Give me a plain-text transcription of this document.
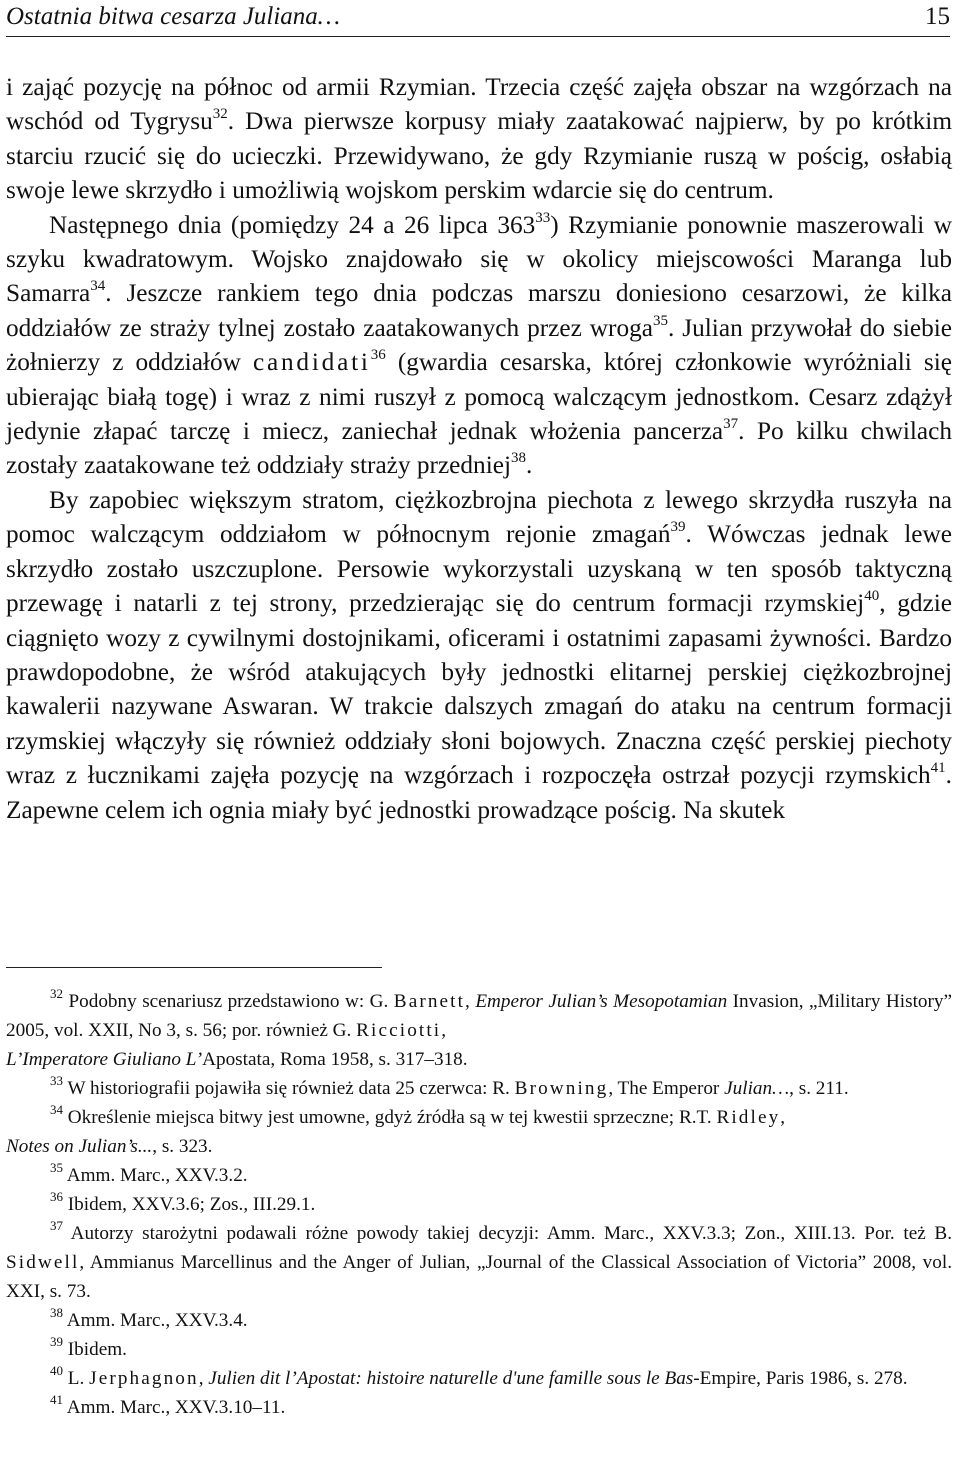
Ostatnia bitwa cesarza Juliana…	15

i zająć pozycję na północ od armii Rzymian. Trzecia część zajęła obszar na wzgórzach na wschód od Tygrysu$^{32}$. Dwa pierwsze korpusy miały zaatakować najpierw, by po krótkim starciu rzucić się do ucieczki. Przewidywano, że gdy Rzymianie ruszą w pościg, osłabią swoje lewe skrzydło i umożliwią wojskom perskim wdarcie się do centrum.

Następnego dnia (pomiędzy 24 a 26 lipca $363^{33}$) Rzymianie ponownie maszerowali w szyku kwadratowym. Wojsko znajdowało się w okolicy miejscowości Maranga lub Samarra$^{34}$. Jeszcze rankiem tego dnia podczas marszu doniesiono cesarzowi, że kilka oddziałów ze straży tylnej zostało zaatakowanych przez wroga$^{35}$. Julian przywołał do siebie żołnierzy z oddziałów candidati$^{36}$ (gwardia cesarska, której członkowie wyróżniali się ubierając białą togę) i wraz z nimi ruszył z pomocą walczącym jednostkom. Cesarz zdążył jedynie złapać tarczę i miecz, zaniechał jednak włożenia pancerza$^{37}$. Po kilku chwilach zostały zaatakowane też oddziały straży przedniej$^{38}$.

By zapobiec większym stratom, ciężkozbrojna piechota z lewego skrzydła ruszyła na pomoc walczącym oddziałom w północnym rejonie zmagań$^{39}$. Wówczas jednak lewe skrzydło zostało uszczuplone. Persowie wykorzystali uzyskaną w ten sposób taktyczną przewagę i natarli z tej strony, przedzierając się do centrum formacji rzymskiej$^{40}$, gdzie ciągnięto wozy z cywilnymi dostojnikami, oficerami i ostatnimi zapasami żywności. Bardzo prawdopodobne, że wśród atakujących były jednostki elitarnej perskiej ciężkozbrojnej kawalerii nazywane Aswaran. W trakcie dalszych zmagań do ataku na centrum formacji rzymskiej włączyły się również oddziały słoni bojowych. Znaczna część perskiej piechoty wraz z łucznikami zajęła pozycję na wzgórzach i rozpoczęła ostrzał pozycji rzymskich$^{41}$. Zapewne celem ich ognia miały być jednostki prowadzące pościg. Na skutek

$^{32}$ Podobny scenariusz przedstawiono w: G. Barnett, Emperor Julian’s Mesopotamian Invasion, „Military History” 2005, vol. XXII, No 3, s. 56; por. również G. Ricciotti,
L’Imperatore Giuliano L’Apostata, Roma 1958, s. 317–318.

$^{33}$ W historiografii pojawiła się również data 25 czerwca: R. Browning, The Emperor Julian…, s. 211.

$^{34}$ Określenie miejsca bitwy jest umowne, gdyż źródła są w tej kwestii sprzeczne; R.T. Ridley,
Notes on Julian’s..., s. 323.

$^{35}$ Amm. Marc., XXV.3.2.

$^{36}$ Ibidem, XXV.3.6; Zos., III.29.1.

$^{37}$ Autorzy starożytni podawali różne powody takiej decyzji: Amm. Marc., XXV.3.3; Zon., XIII.13. Por. też B. Sidwell, Ammianus Marcellinus and the Anger of Julian, „Journal of the Classical Association of Victoria” 2008, vol. XXI, s. 73.

$^{38}$ Amm. Marc., XXV.3.4.

$^{39}$ Ibidem.

$^{40}$ L. Jerphagnon, Julien dit l’Apostat: histoire naturelle d'une famille sous le Bas-Empire, Paris 1986, s. 278.

$^{41}$ Amm. Marc., XXV.3.10–11.
